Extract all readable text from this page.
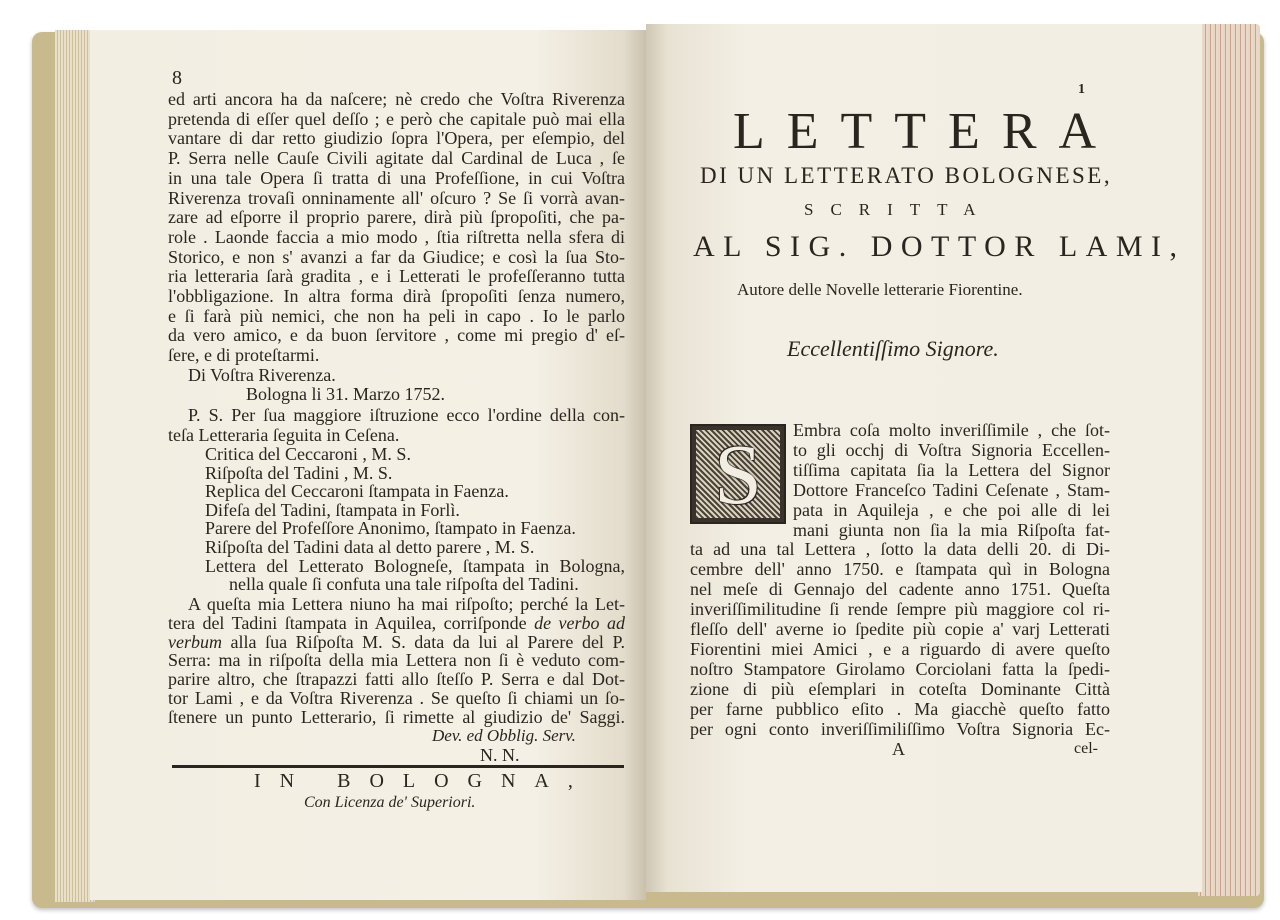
8
Bologna li 31. Marzo 1752.
Dev. ed Obblig. Serv.
N. N.
IN BOLOGNA,
Con Licenza de' Superiori.
ed arti ancora ha da naſcere; nè credo che Voſtra Riverenza
pretenda di eſſer quel deſſo ; e però che capitale può mai ella
vantare di dar retto giudizio ſopra l'Opera, per eſempio, del
P. Serra nelle Cauſe Civili agitate dal Cardinal de Luca , ſe
in una tale Opera ſi tratta di una Profeſſione, in cui Voſtra
Riverenza trovaſi onninamente all' oſcuro ? Se ſi vorrà avan-
zare ad eſporre il proprio parere, dirà più ſpropoſiti, che pa-
role . Laonde faccia a mio modo , ſtia riſtretta nella sfera di
Storico, e non s' avanzi a far da Giudice; e così la ſua Sto-
ria letteraria ſarà gradita , e i Letterati le profeſſeranno tutta
l'obbligazione. In altra forma dirà ſpropoſiti ſenza numero,
e ſi farà più nemici, che non ha peli in capo . Io le parlo
da vero amico, e da buon ſervitore , come mi pregio d' eſ-
ſere, e di proteſtarmi.
Di Voſtra Riverenza.
P. S. Per ſua maggiore iſtruzione ecco l'ordine della con-
teſa Letteraria ſeguita in Ceſena.
Critica del Ceccaroni , M. S.
Riſpoſta del Tadini , M. S.
Replica del Ceccaroni ſtampata in Faenza.
Difeſa del Tadini, ſtampata in Forlì.
Parere del Profeſſore Anonimo, ſtampato in Faenza.
Riſpoſta del Tadini data al detto parere , M. S.
Lettera del Letterato Bologneſe, ſtampata in Bologna,
nella quale ſi confuta una tale riſpoſta del Tadini.
A queſta mia Lettera niuno ha mai riſpoſto; perché la Let-
tera del Tadini ſtampata in Aquilea, corriſponde de verbo ad
verbum alla ſua Riſpoſta M. S. data da lui al Parere del P.
Serra: ma in riſpoſta della mia Lettera non ſi è veduto com-
parire altro, che ſtrapazzi fatti allo ſteſſo P. Serra e dal Dot-
tor Lami , e da Voſtra Riverenza . Se queſto ſi chiami un ſo-
ſtenere un punto Letterario, ſi rimette al giudizio de' Saggi.
1
LETTERA
DI UN LETTERATO BOLOGNESE,
SCRITTA
AL SIG. DOTTOR LAMI,
Autore delle Novelle letterarie Fiorentine.
Eccellentiſſimo Signore.
S
A	cel-
Embra coſa molto inveriſſimile , che ſot-
to gli occhj di Voſtra Signoria Eccellen-
tiſſima capitata ſia la Lettera del Signor
Dottore Franceſco Tadini Ceſenate , Stam-
pata in Aquileja , e che poi alle di lei
mani giunta non ſia la mia Riſpoſta fat-
ta ad una tal Lettera , ſotto la data delli 20. di Di-
cembre dell' anno 1750. e ſtampata quì in Bologna
nel meſe di Gennajo del cadente anno 1751. Queſta
inveriſſimilitudine ſi rende ſempre più maggiore col ri-
fleſſo dell' averne io ſpedite più copie a' varj Letterati
Fiorentini miei Amici , e a riguardo di avere queſto
noſtro Stampatore Girolamo Corciolani fatta la ſpedi-
zione di più eſemplari in coteſta Dominante Città
per farne pubblico eſito . Ma giacchè queſto fatto
per ogni conto inveriſſimiliſſimo Voſtra Signoria Ec-
